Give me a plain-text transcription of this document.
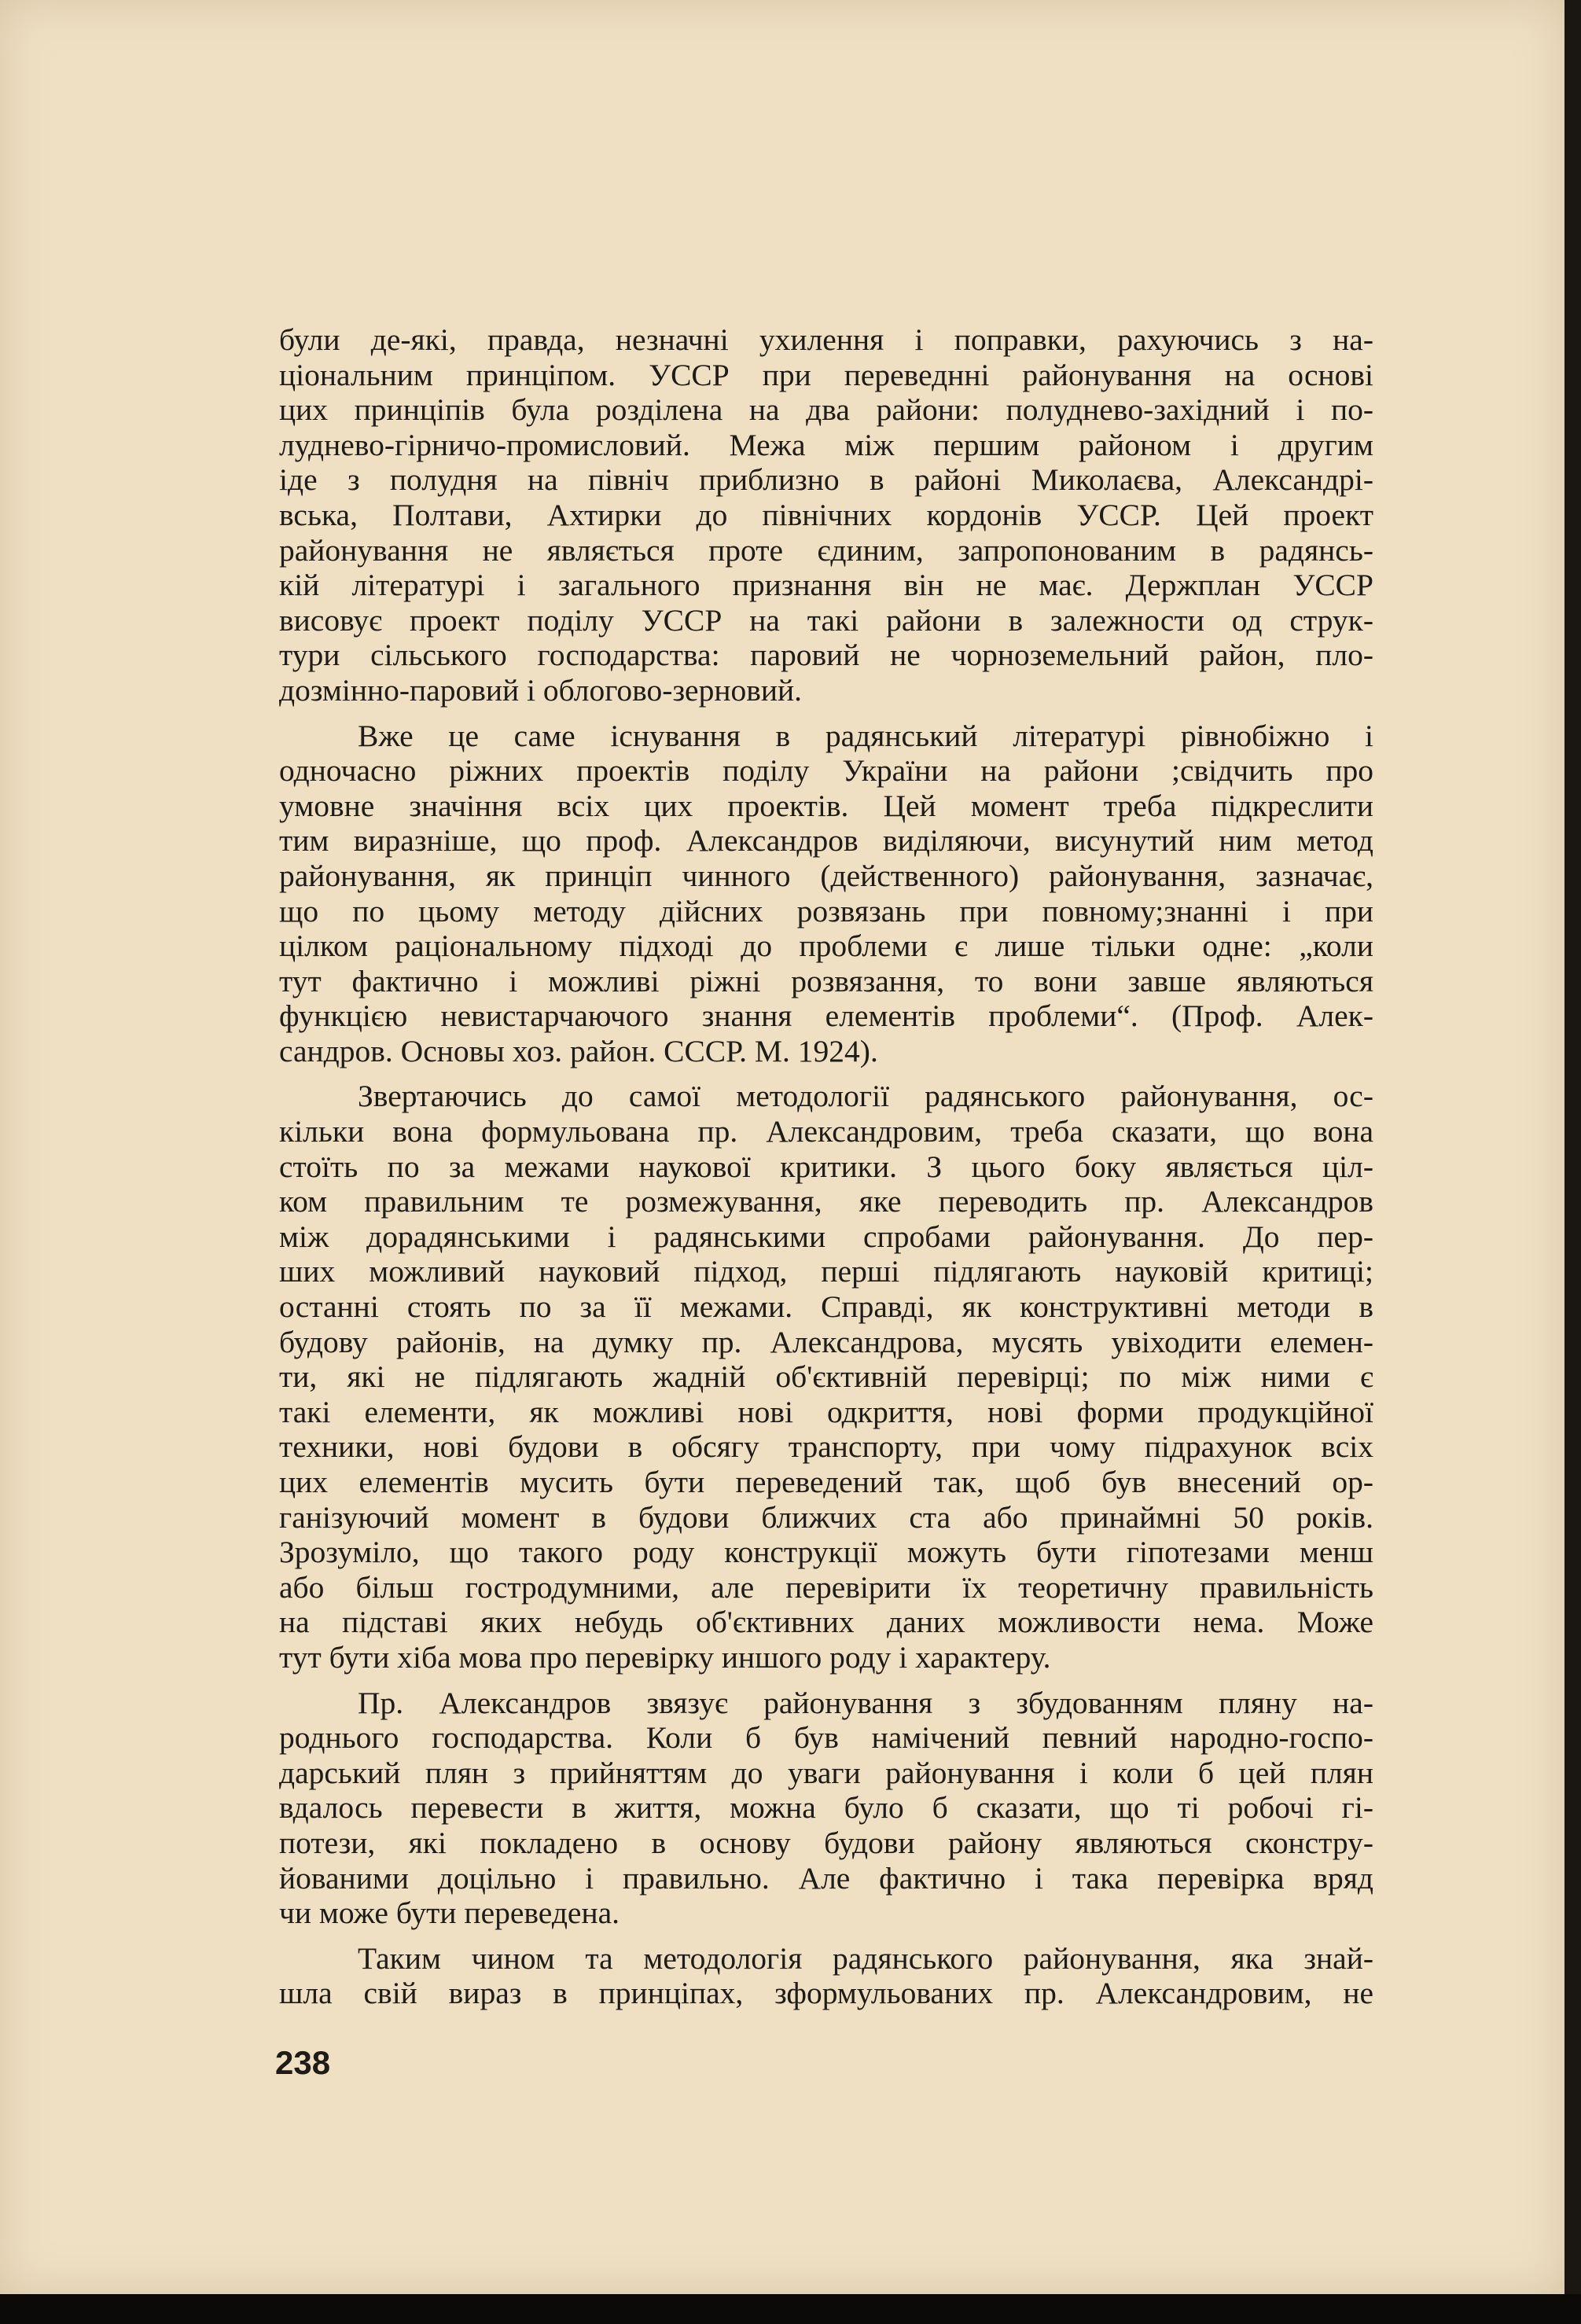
були де-які, правда, незначні ухилення і поправки, рахуючись з на-
ціональним принціпом. УССР при переведнні районування на основі
цих принціпів була розділена на два райони: полудневo-західний і по-
луднево-гірничо-промисловий. Межа між першим районом і другим
іде з полудня на північ приблизно в районі Миколаєва, Александрі-
вська, Полтави, Ахтирки до північних кордонів УССР. Цей проект
районування не являється проте єдиним, запропонованим в радянсь-
кій літературі і загального признання він не має. Держплан УССР
висовує проект поділу УССР на такі райони в залежности од струк-
тури сільського господарства: паровий не чорноземельний район, пло-
дозмінно-паровий і облогово-зерновий.
Вже це саме існування в радянський літературі рівнобіжно і
одночасно ріжних проектів поділу України на райони ;свідчить про
умовне значіння всіх цих проектів. Цей момент треба підкреслити
тим виразніше, що проф. Александров виділяючи, висунутий ним метод
районування, як принціп чинного (действенного) районування, зазначає,
що по цьому методу дійсних розвязань при повному;знанні і при
цілком раціональному підході до проблеми є лише тільки одне: „коли
тут фактично і можливі ріжні розвязання, то вони завше являються
функцією невистарчаючого знання елементів проблеми“. (Проф. Алек-
сандров. Основы хоз. район. СССР. М. 1924).
Звертаючись до самої методології радянського районування, ос-
кільки вона формульована пр. Александровим, треба сказати, що вона
стоїть по за межами наукової критики. З цього боку являється ціл-
ком правильним те розмежування, яке переводить пр. Александров
між дорадянськими і радянськими спробами районування. До пер-
ших можливий науковий підход, перші підлягають науковій критиці;
останні стоять по за її межами. Справді, як конструктивні методи в
будову районів, на думку пр. Александрова, мусять увіходити елемен-
ти, які не підлягають жадній об'єктивній перевірці; по між ними є
такі елементи, як можливі нові одкриття, нові форми продукційної
техники, нові будови в обсягу транспорту, при чому підрахунок всіх
цих елементів мусить бути переведений так, щоб був внесений ор-
ганізуючий момент в будови ближчих ста або принаймні 50 років.
Зрозуміло, що такого роду конструкції можуть бути гіпотезами менш
або більш гостродумними, але перевірити їх теоретичну правильність
на підставі яких небудь об'єктивних даних можливости нема. Може
тут бути хіба мова про перевірку иншого роду і характеру.
Пр. Александров звязує районування з збудованням пляну на-
роднього господарства. Коли б був намічений певний народно-госпо-
дарський плян з прийняттям до уваги районування і коли б цей плян
вдалось перевести в життя, можна було б сказати, що ті робочі гі-
потези, які покладено в основу будови району являються сконстру-
йованими доцільно і правильно. Але фактично і така перевірка вряд
чи може бути переведена.
Таким чином та методологія радянського районування, яка знай-
шла свій вираз в принціпах, зформульованих пр. Александровим, не
238
